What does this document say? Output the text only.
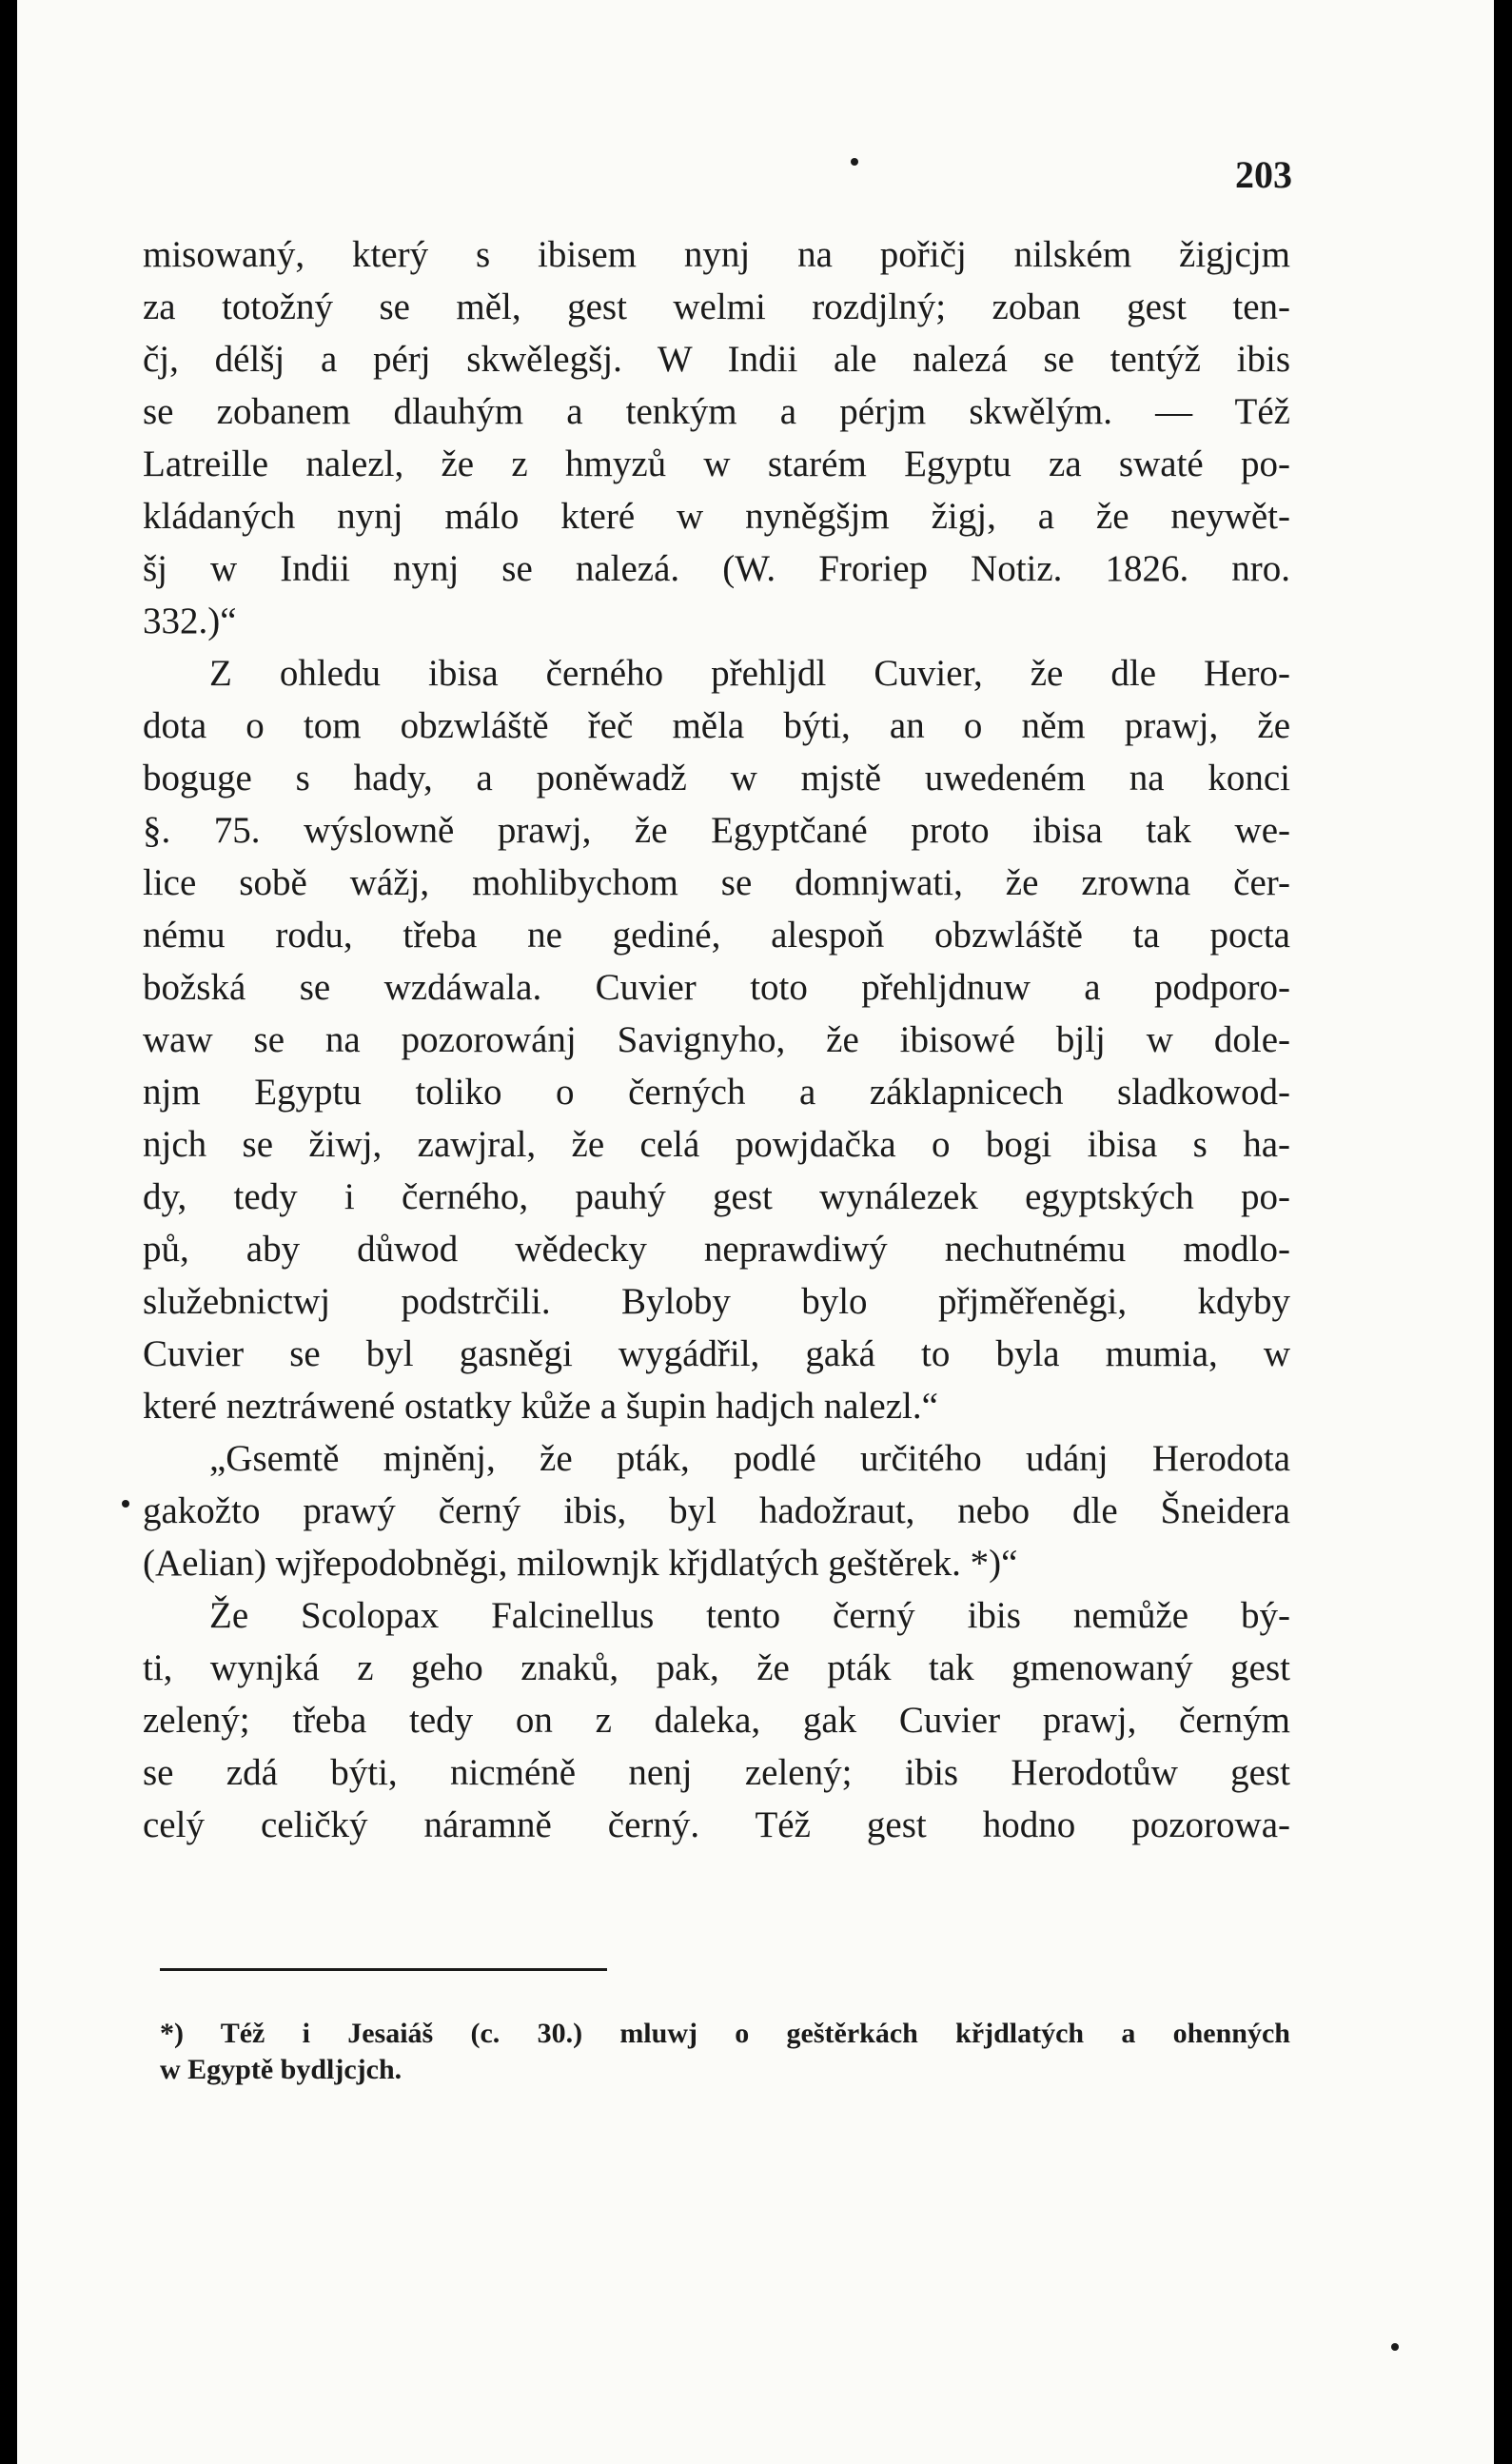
203
misowaný, který s ibisem nynj na pořičj nilském žigjcjm
za totožný se měl, gest welmi rozdjlný; zoban gest ten-
čj, délšj a pérj skwělegšj. W Indii ale nalezá se tentýž ibis
se zobanem dlauhým a tenkým a pérjm skwělým. — Též
Latreille nalezl, že z hmyzů w starém Egyptu za swaté po-
kládaných nynj málo které w nyněgšjm žigj, a že neywět-
šj w Indii nynj se nalezá. (W. Froriep Notiz. 1826. nro.
332.)“
Z ohledu ibisa černého přehljdl Cuvier, že dle Hero-
dota o tom obzwláště řeč měla býti, an o něm prawj, že
boguge s hady, a poněwadž w mjstě uwedeném na konci
§. 75. wýslowně prawj, že Egyptčané proto ibisa tak we-
lice sobě wážj, mohlibychom se domnjwati, že zrowna čer-
nému rodu, třeba ne gediné, alespoň obzwláště ta pocta
božská se wzdáwala. Cuvier toto přehljdnuw a podporo-
waw se na pozorowánj Savignyho, že ibisowé bjlj w dole-
njm Egyptu toliko o černých a záklapnicech sladkowod-
njch se žiwj, zawjral, že celá powjdačka o bogi ibisa s ha-
dy, tedy i černého, pauhý gest wynálezek egyptských po-
pů, aby důwod wědecky neprawdiwý nechutnému modlo-
služebnictwj podstrčili. Byloby bylo přjměřeněgi, kdyby
Cuvier se byl gasněgi wygádřil, gaká to byla mumia, w
které neztráwené ostatky kůže a šupin hadjch nalezl.“
„Gsemtě mjněnj, že pták, podlé určitého udánj Herodota
gakožto prawý černý ibis, byl hadožraut, nebo dle Šneidera
(Aelian) wjřepodobněgi, milownjk křjdlatých geštěrek. *)“
Že Scolopax Falcinellus tento černý ibis nemůže bý-
ti, wynjká z geho znaků, pak, že pták tak gmenowaný gest
zelený; třeba tedy on z daleka, gak Cuvier prawj, černým
se zdá býti, nicméně nenj zelený; ibis Herodotůw gest
celý celičký náramně černý. Též gest hodno pozorowa-
*) Též i Jesaiáš (c. 30.) mluwj o geštěrkách křjdlatých a ohenných
w Egyptě bydljcjch.
